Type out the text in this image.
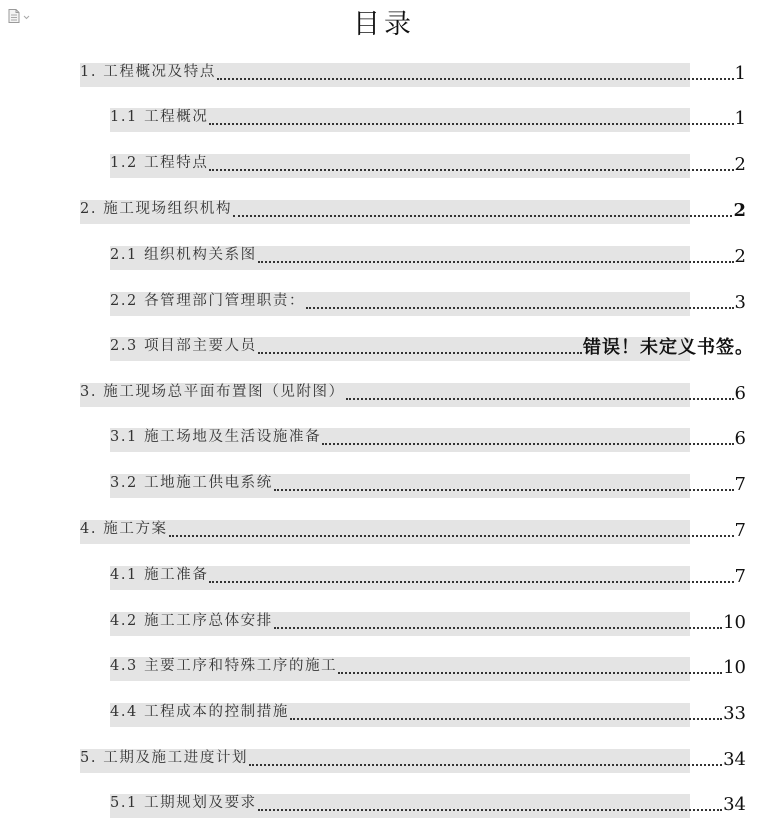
目录
1. 工程概况及特点	1
1.1 工程概况	1
1.2 工程特点	2
2. 施工现场组织机构	2
2.1 组织机构关系图	2
2.2 各管理部门管理职责：	3
2.3 项目部主要人员	错误！未定义书签。
3. 施工现场总平面布置图（见附图）	6
3.1 施工场地及生活设施准备	6
3.2 工地施工供电系统	7
4. 施工方案	7
4.1 施工准备	7
4.2 施工工序总体安排	10
4.3 主要工序和特殊工序的施工	10
4.4 工程成本的控制措施	33
5. 工期及施工进度计划	34
5.1 工期规划及要求	34
